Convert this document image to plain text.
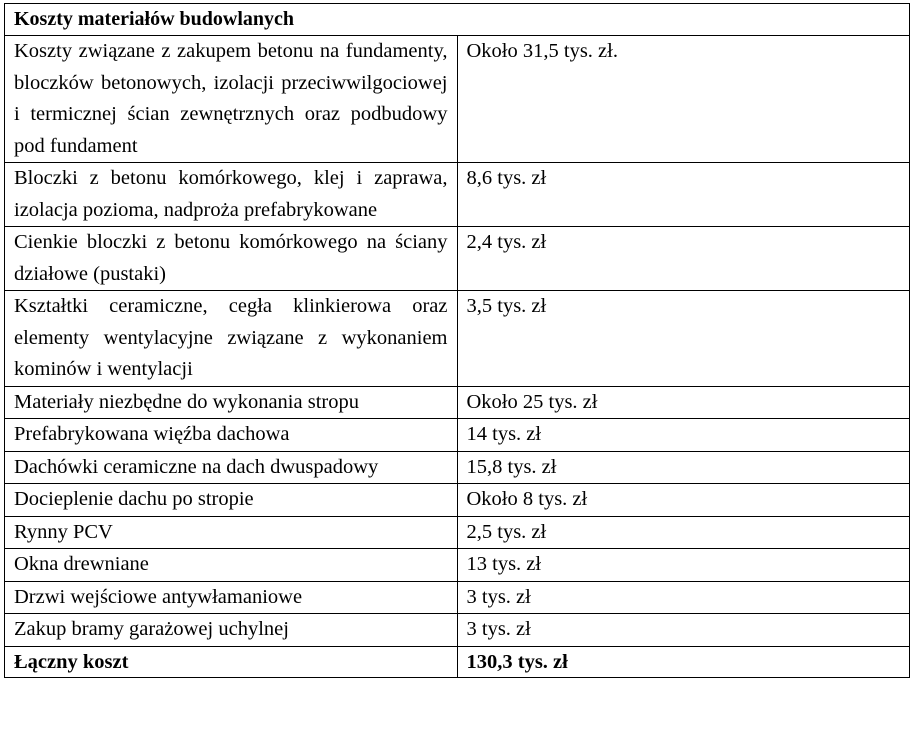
Koszty materiałów budowlanych	
Koszty związane z zakupem betonu na fundamenty, bloczków betonowych, izolacji przeciwwilgociowej i termicznej ścian zewnętrznych oraz podbudowy pod fundament	Około 31,5 tys. zł.
Bloczki z betonu komórkowego, klej i zaprawa, izolacja pozioma, nadproża prefabrykowane	8,6 tys. zł
Cienkie bloczki z betonu komórkowego na ściany działowe (pustaki)	2,4 tys. zł
Kształtki ceramiczne, cegła klinkierowa oraz elementy wentylacyjne związane z wykonaniem kominów i wentylacji	3,5 tys. zł
Materiały niezbędne do wykonania stropu	Około 25 tys. zł
Prefabrykowana więźba dachowa	14 tys. zł
Dachówki ceramiczne na dach dwuspadowy	15,8 tys. zł
Docieplenie dachu po stropie	Około 8 tys. zł
Rynny PCV	2,5 tys. zł
Okna drewniane	13 tys. zł
Drzwi wejściowe antywłamaniowe	3 tys. zł
Zakup bramy garażowej uchylnej	3 tys. zł
Łączny koszt	130,3 tys. zł
